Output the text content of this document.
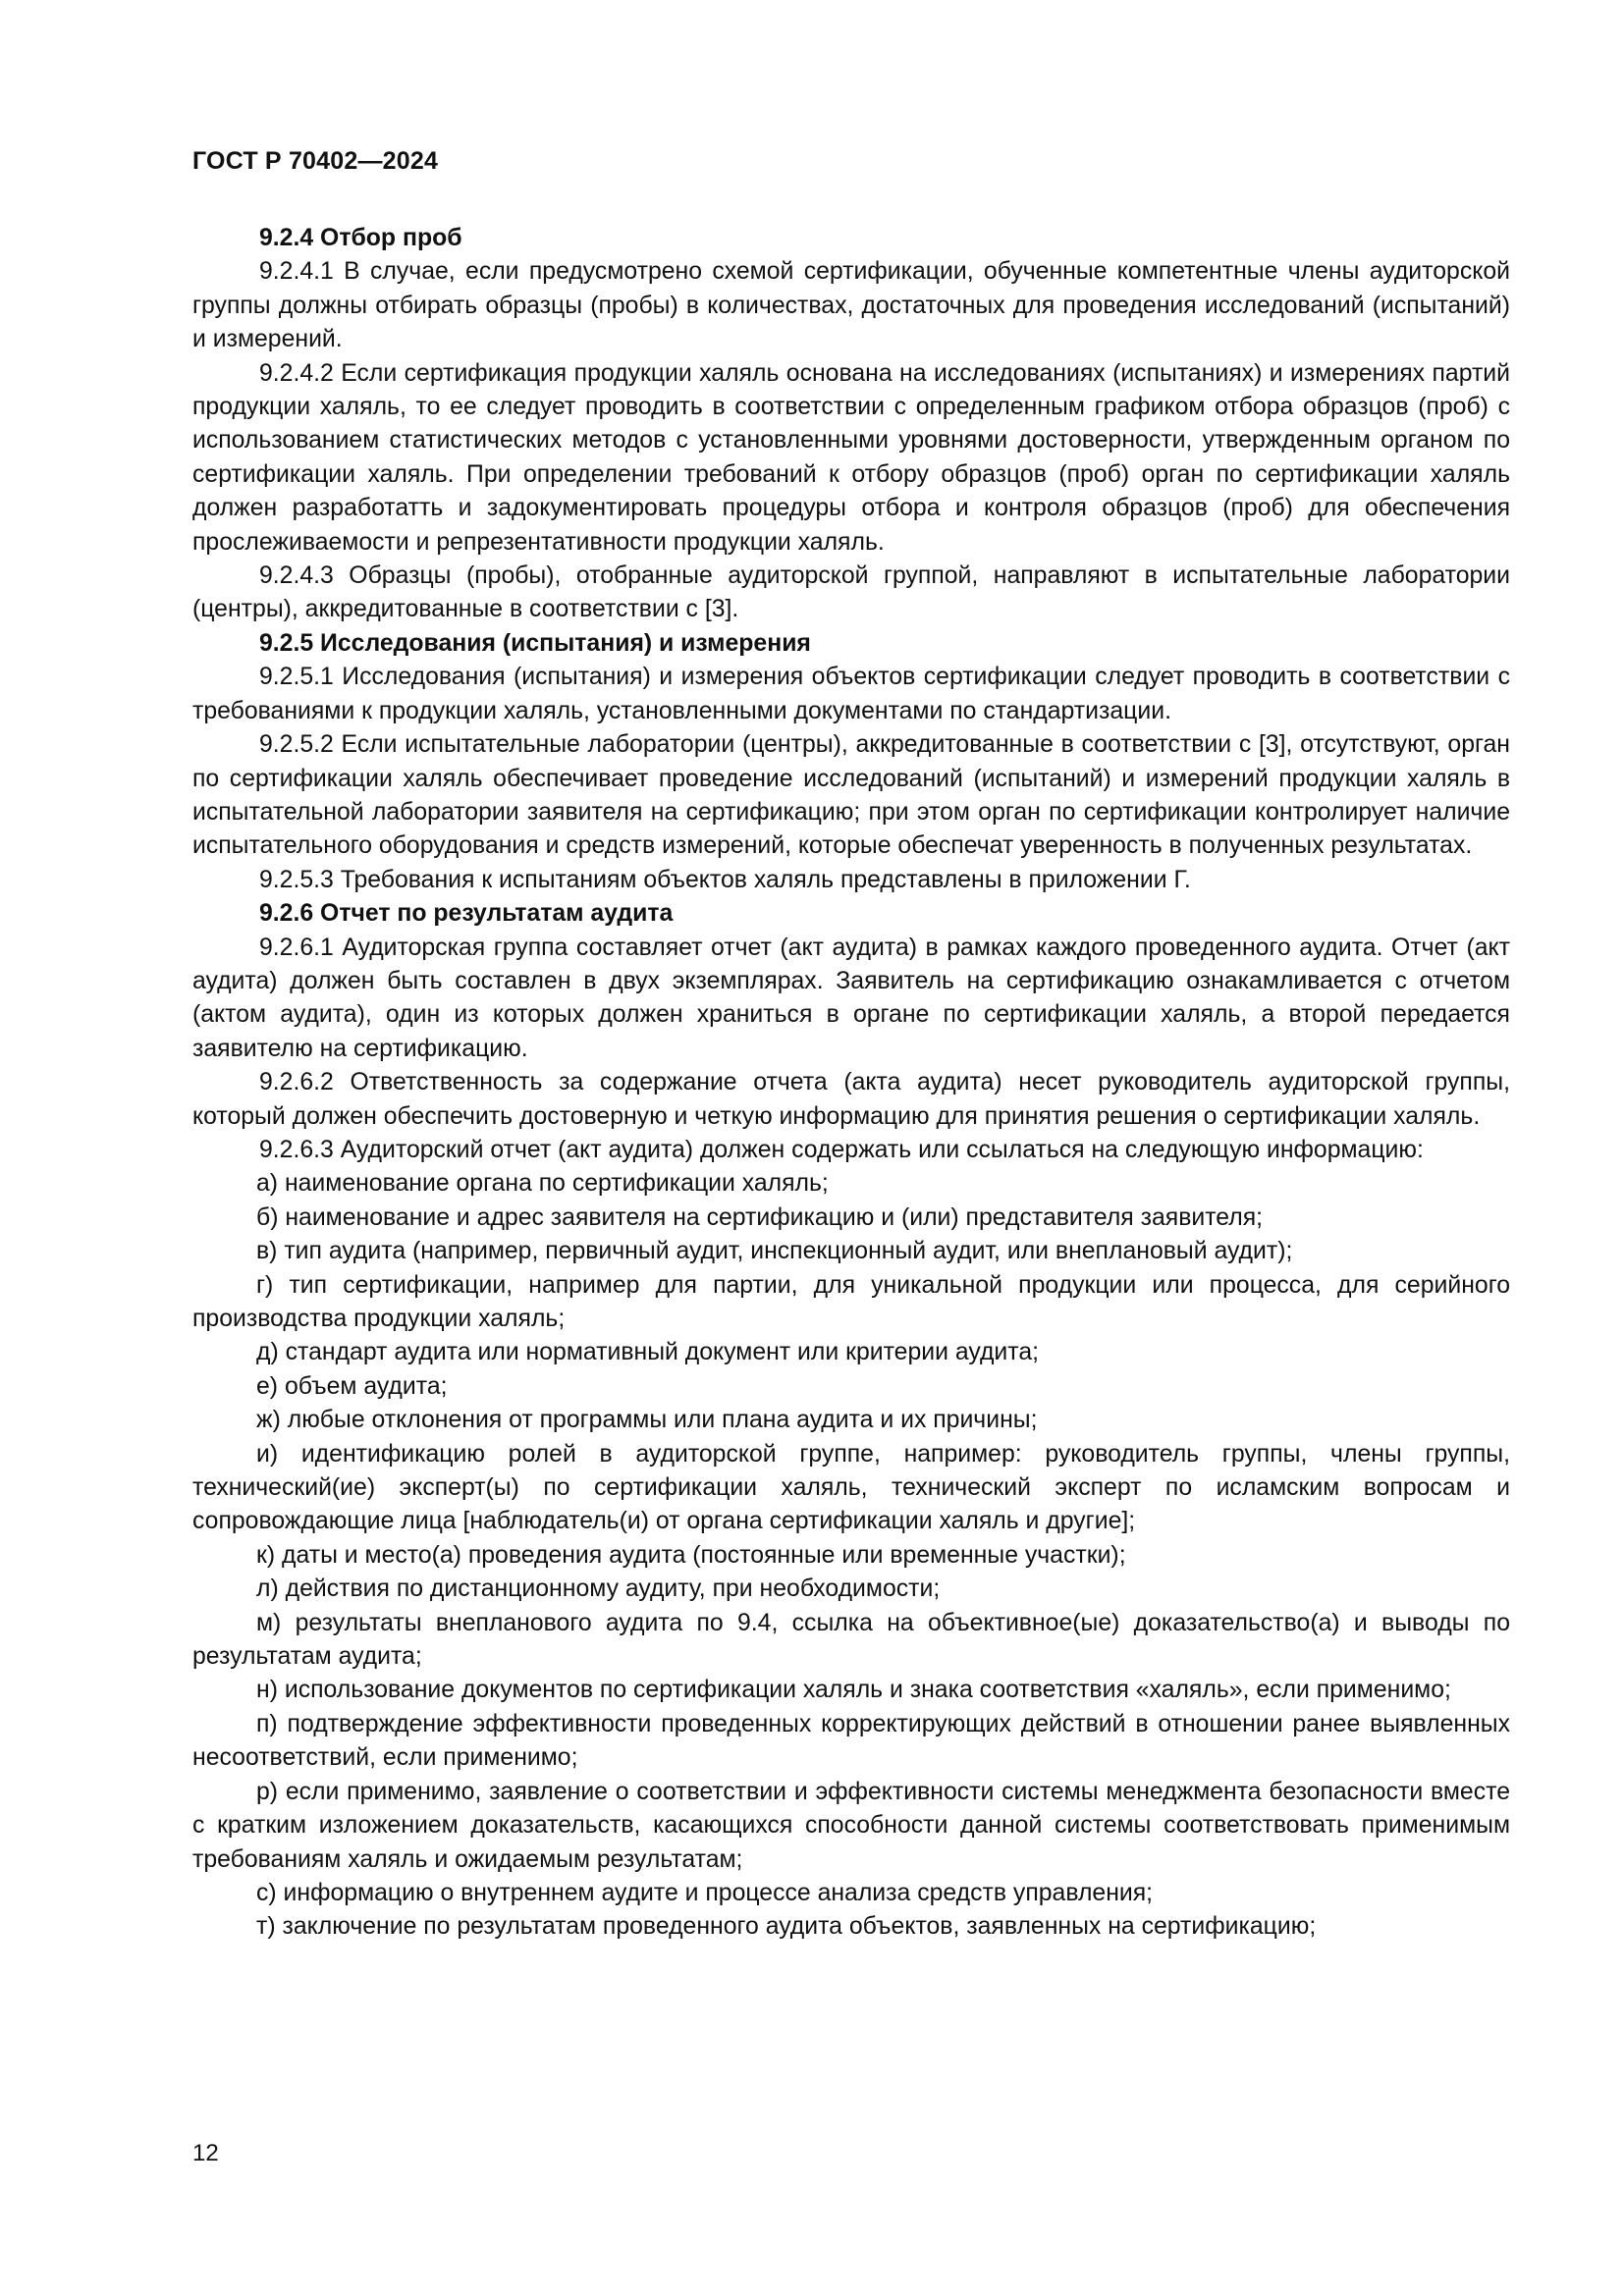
ГОСТ Р 70402—2024

9.2.4 Отбор проб

9.2.4.1 В случае, если предусмотрено схемой сертификации, обученные компетентные члены аудиторской группы должны отбирать образцы (пробы) в количествах, достаточных для проведения исследований (испытаний) и измерений.

9.2.4.2 Если сертификация продукции халяль основана на исследованиях (испытаниях) и измерениях партий продукции халяль, то ее следует проводить в соответствии с определенным графиком отбора образцов (проб) с использованием статистических методов с установленными уровнями достоверности, утвержденным органом по сертификации халяль. При определении требований к отбору образцов (проб) орган по сертификации халяль должен разработатть и задокументировать процедуры отбора и контроля образцов (проб) для обеспечения прослеживаемости и репрезентативности продукции халяль.

9.2.4.3 Образцы (пробы), отобранные аудиторской группой, направляют в испытательные лаборатории (центры), аккредитованные в соответствии с [3].

9.2.5 Исследования (испытания) и измерения

9.2.5.1 Исследования (испытания) и измерения объектов сертификации следует проводить в соответствии с требованиями к продукции халяль, установленными документами по стандартизации.

9.2.5.2 Если испытательные лаборатории (центры), аккредитованные в соответствии с [3], отсутствуют, орган по сертификации халяль обеспечивает проведение исследований (испытаний) и измерений продукции халяль в испытательной лаборатории заявителя на сертификацию; при этом орган по сертификации контролирует наличие испытательного оборудования и средств измерений, которые обеспечат уверенность в полученных результатах.

9.2.5.3 Требования к испытаниям объектов халяль представлены в приложении Г.

9.2.6 Отчет по результатам аудита

9.2.6.1 Аудиторская группа составляет отчет (акт аудита) в рамках каждого проведенного аудита. Отчет (акт аудита) должен быть составлен в двух экземплярах. Заявитель на сертификацию ознакамливается с отчетом (актом аудита), один из которых должен храниться в органе по сертификации халяль, а второй передается заявителю на сертификацию.

9.2.6.2 Ответственность за содержание отчета (акта аудита) несет руководитель аудиторской группы, который должен обеспечить достоверную и четкую информацию для принятия решения о сертификации халяль.

9.2.6.3 Аудиторский отчет (акт аудита) должен содержать или ссылаться на следующую информацию:

а) наименование органа по сертификации халяль;

б) наименование и адрес заявителя на сертификацию и (или) представителя заявителя;

в) тип аудита (например, первичный аудит, инспекционный аудит, или внеплановый аудит);

г) тип сертификации, например для партии, для уникальной продукции или процесса, для серийного производства продукции халяль;

д) стандарт аудита или нормативный документ или критерии аудита;

е) объем аудита;

ж) любые отклонения от программы или плана аудита и их причины;

и) идентификацию ролей в аудиторской группе, например: руководитель группы, члены группы, технический(ие) эксперт(ы) по сертификации халяль, технический эксперт по исламским вопросам и сопровождающие лица [наблюдатель(и) от органа сертификации халяль и другие];

к) даты и место(а) проведения аудита (постоянные или временные участки);

л) действия по дистанционному аудиту, при необходимости;

м) результаты внепланового аудита по 9.4, ссылка на объективное(ые) доказательство(а) и выводы по результатам аудита;

н) использование документов по сертификации халяль и знака соответствия «халяль», если применимо;

п) подтверждение эффективности проведенных корректирующих действий в отношении ранее выявленных несоответствий, если применимо;

р) если применимо, заявление о соответствии и эффективности системы менеджмента безопасности вместе с кратким изложением доказательств, касающихся способности данной системы соответствовать применимым требованиям халяль и ожидаемым результатам;

с) информацию о внутреннем аудите и процессе анализа средств управления;

т) заключение по результатам проведенного аудита объектов, заявленных на сертификацию;

12
